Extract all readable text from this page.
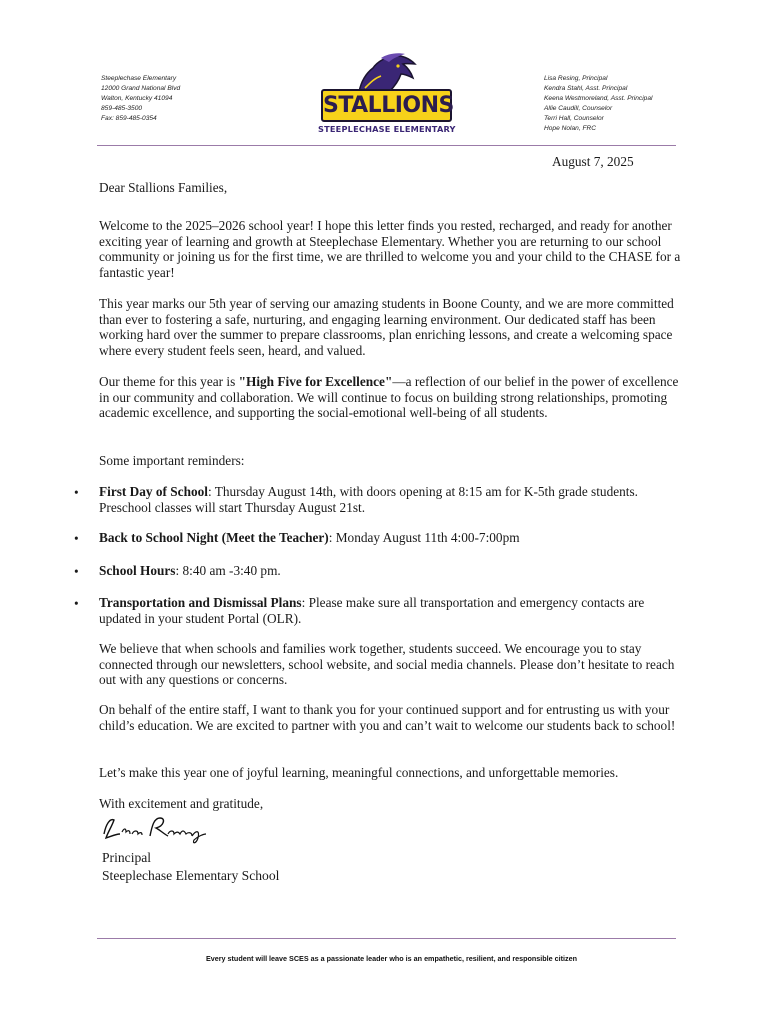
Steeplechase Elementary
12000 Grand National Blvd
Walton, Kentucky 41094
859-485-3500
Fax: 859-485-0354
STALLIONS
STEEPLECHASE ELEMENTARY
Lisa Resing, Principal
Kendra Stahl, Asst. Principal
Keena Westmoreland, Asst. Principal
Allie Caudill, Counselor
Terri Hall, Counselor
Hope Nolan, FRC
August 7, 2025
Dear Stallions Families,
Welcome to the 2025–2026 school year! I hope this letter finds you rested, recharged, and ready for another exciting year of learning and growth at Steeplechase Elementary. Whether you are returning to our school community or joining us for the first time, we are thrilled to welcome you and your child to the CHASE for a fantastic year!
This year marks our 5th year of serving our amazing students in Boone County, and we are more committed than ever to fostering a safe, nurturing, and engaging learning environment. Our dedicated staff has been working hard over the summer to prepare classrooms, plan enriching lessons, and create a welcoming space where every student feels seen, heard, and valued.
Our theme for this year is "High Five for Excellence"—a reflection of our belief in the power of excellence in our community and collaboration. We will continue to focus on building strong relationships, promoting academic excellence, and supporting the social-emotional well-being of all students.
Some important reminders:
• First Day of School: Thursday August 14th, with doors opening at 8:15 am for K-5th grade students. Preschool classes will start Thursday August 21st.
• Back to School Night (Meet the Teacher): Monday August 11th 4:00-7:00pm
• School Hours: 8:40 am -3:40 pm.
• Transportation and Dismissal Plans: Please make sure all transportation and emergency contacts are updated in your student Portal (OLR).
We believe that when schools and families work together, students succeed. We encourage you to stay connected through our newsletters, school website, and social media channels. Please don’t hesitate to reach out with any questions or concerns.
On behalf of the entire staff, I want to thank you for your continued support and for entrusting us with your child’s education. We are excited to partner with you and can’t wait to welcome our students back to school!
Let’s make this year one of joyful learning, meaningful connections, and unforgettable memories.
With excitement and gratitude,
Principal
Steeplechase Elementary School
Every student will leave SCES as a passionate leader who is an empathetic, resilient, and responsible citizen
